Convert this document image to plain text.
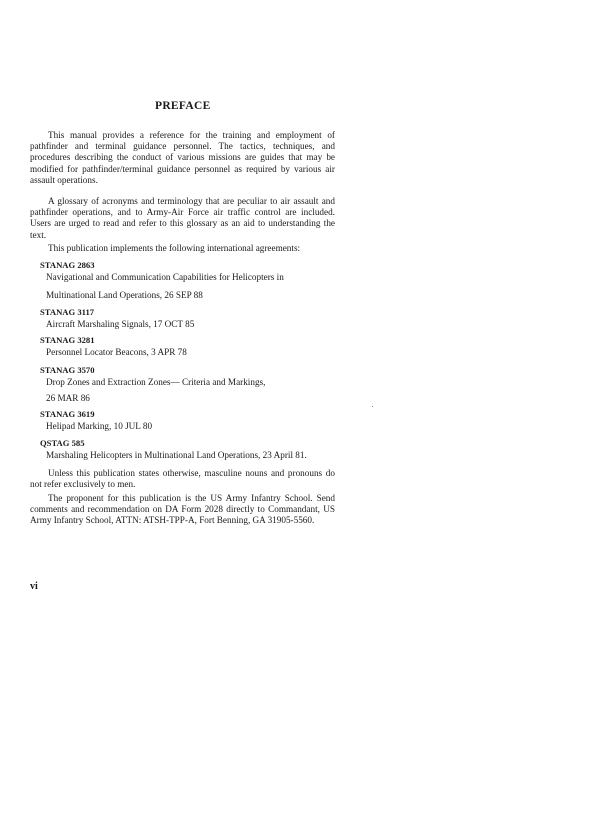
PREFACE

This manual provides a reference for the training and employment of pathfinder and terminal guidance personnel. The tactics, techniques, and procedures describing the conduct of various missions are guides that may be modified for pathfinder/terminal guidance personnel as required by various air assault operations.

A glossary of acronyms and terminology that are peculiar to air assault and pathfinder operations, and to Army-Air Force air traffic control are included. Users are urged to read and refer to this glossary as an aid to understanding the text.

This publication implements the following international agreements:

STANAG 2863
Navigational and Communication Capabilities for Helicopters in
Multinational Land Operations, 26 SEP 88
STANAG 3117
Aircraft Marshaling Signals, 17 OCT 85
STANAG 3281
Personnel Locator Beacons, 3 APR 78
STANAG 3570
Drop Zones and Extraction Zones— Criteria and Markings,
26 MAR 86
STANAG 3619
Helipad Marking, 10 JUL 80
QSTAG 585
Marshaling Helicopters in Multinational Land Operations, 23 April 81.

Unless this publication states otherwise, masculine nouns and pronouns do not refer exclusively to men.

The proponent for this publication is the US Army Infantry School. Send comments and recommendation on DA Form 2028 directly to Commandant, US Army Infantry School, ATTN: ATSH-TPP-A, Fort Benning, GA 31905-5560.

vi
